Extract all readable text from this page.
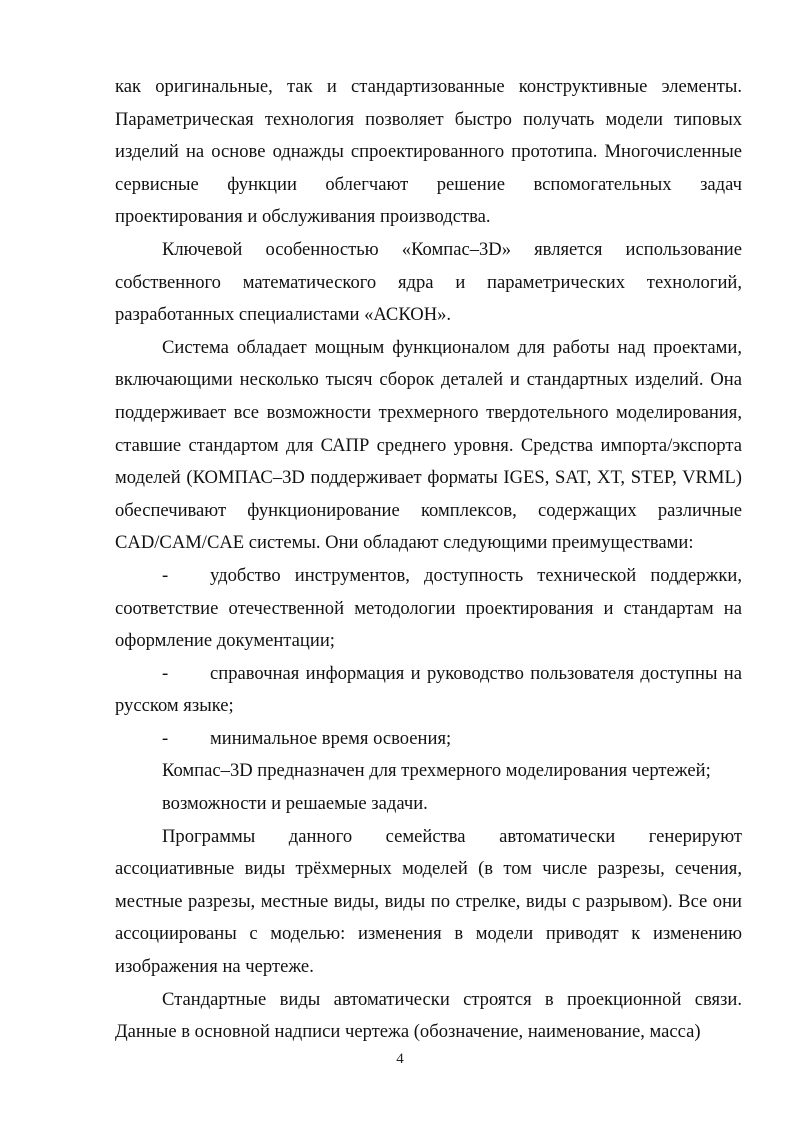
как оригинальные, так и стандартизованные конструктивные элементы. Параметрическая технология позволяет быстро получать модели типовых изделий на основе однажды спроектированного прототипа. Многочисленные сервисные функции облегчают решение вспомогательных задач проектирования и обслуживания производства.

Ключевой особенностью «Компас–3D» является использование собственного математического ядра и параметрических технологий, разработанных специалистами «АСКОН».

Система обладает мощным функционалом для работы над проектами, включающими несколько тысяч сборок деталей и стандартных изделий. Она поддерживает все возможности трехмерного твердотельного моделирования, ставшие стандартом для САПР среднего уровня. Средства импорта/экспорта моделей (КОМПАС–3D поддерживает форматы IGES, SAT, XT, STEP, VRML) обеспечивают функционирование комплексов, содержащих различные CAD/CAM/CAE системы. Они обладают следующими преимуществами:

- удобство инструментов, доступность технической поддержки, соответствие отечественной методологии проектирования и стандартам на оформление документации;

- справочная информация и руководство пользователя доступны на русском языке;

- минимальное время освоения;

Компас–3D предназначен для трехмерного моделирования чертежей;

возможности и решаемые задачи.

Программы данного семейства автоматически генерируют ассоциативные виды трёхмерных моделей (в том числе разрезы, сечения, местные разрезы, местные виды, виды по стрелке, виды с разрывом). Все они ассоциированы с моделью: изменения в модели приводят к изменению изображения на чертеже.

Стандартные виды автоматически строятся в проекционной связи. Данные в основной надписи чертежа (обозначение, наименование, масса)

4
